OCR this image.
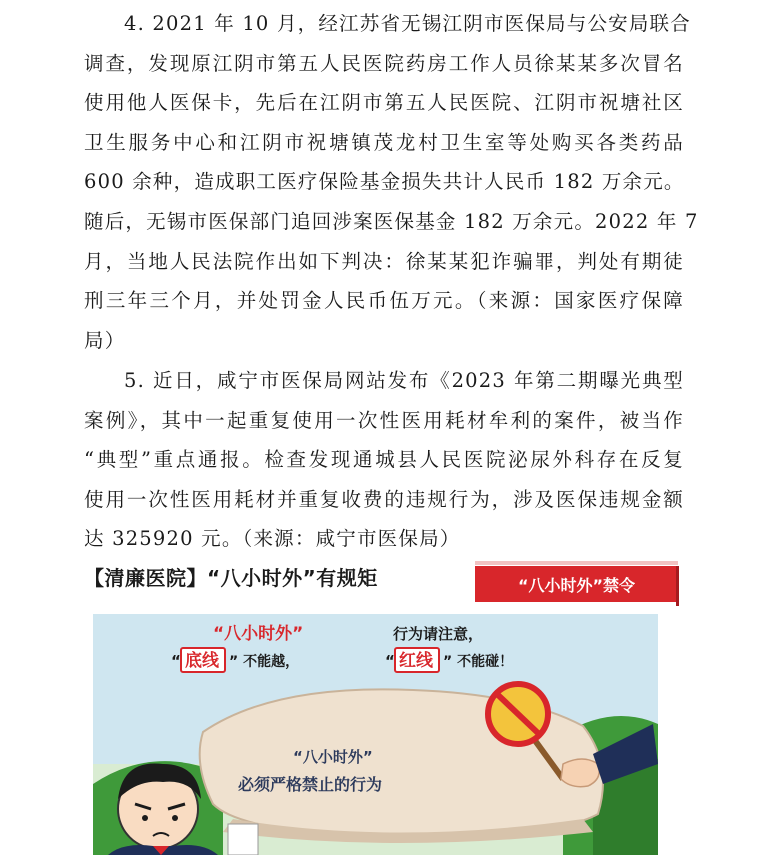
4. 2021 年 10 月，经江苏省无锡江阴市医保局与公安局联合
调查，发现原江阴市第五人民医院药房工作人员徐某某多次冒名
使用他人医保卡，先后在江阴市第五人民医院、江阴市祝塘社区
卫生服务中心和江阴市祝塘镇茂龙村卫生室等处购买各类药品
600 余种，造成职工医疗保险基金损失共计人民币 182 万余元。
随后，无锡市医保部门追回涉案医保基金 182 万余元。2022 年 7
月，当地人民法院作出如下判决：徐某某犯诈骗罪，判处有期徒
刑三年三个月，并处罚金人民币伍万元。（来源：国家医疗保障
局）
5. 近日，咸宁市医保局网站发布《2023 年第二期曝光典型
案例》，其中一起重复使用一次性医用耗材牟利的案件，被当作
“典型”重点通报。检查发现通城县人民医院泌尿外科存在反复
使用一次性医用耗材并重复收费的违规行为，涉及医保违规金额
达 325920 元。（来源：咸宁市医保局）
【清廉医院】“八小时外”有规矩	“八小时外”禁令
“八小时外”	行为请注意，
“ 底线 ” 不能越，	“ 红线 ” 不能碰！
“八小时外”
必须严格禁止的行为
